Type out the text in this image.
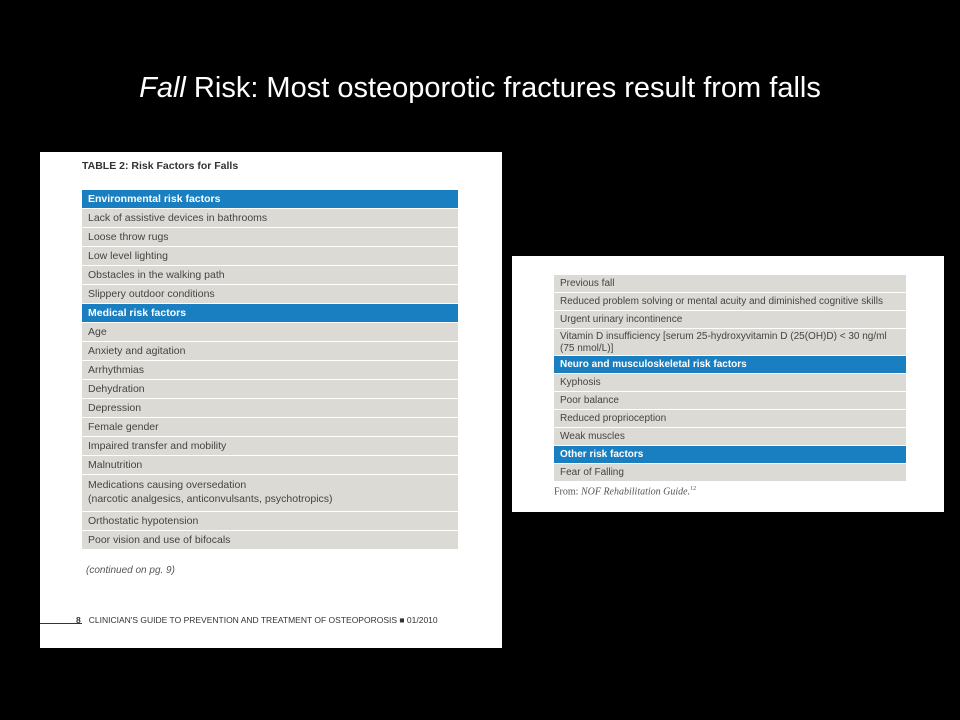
Fall Risk: Most osteoporotic fractures result from falls
TABLE 2: Risk Factors for Falls
Environmental risk factors
Lack of assistive devices in bathrooms
Loose throw rugs
Low level lighting
Obstacles in the walking path
Slippery outdoor conditions
Medical risk factors
Age
Anxiety and agitation
Arrhythmias
Dehydration
Depression
Female gender
Impaired transfer and mobility
Malnutrition
Medications causing oversedation
(narcotic analgesics, anticonvulsants, psychotropics)
Orthostatic hypotension
Poor vision and use of bifocals
(continued on pg. 9)
8 CLINICIAN'S GUIDE TO PREVENTION AND TREATMENT OF OSTEOPOROSIS ■ 01/2010
Previous fall
Reduced problem solving or mental acuity and diminished cognitive skills
Urgent urinary incontinence
Vitamin D insufficiency [serum 25-hydroxyvitamin D (25(OH)D) < 30 ng/ml (75 nmol/L)]
Neuro and musculoskeletal risk factors
Kyphosis
Poor balance
Reduced proprioception
Weak muscles
Other risk factors
Fear of Falling
From: NOF Rehabilitation Guide.$^{12}$
